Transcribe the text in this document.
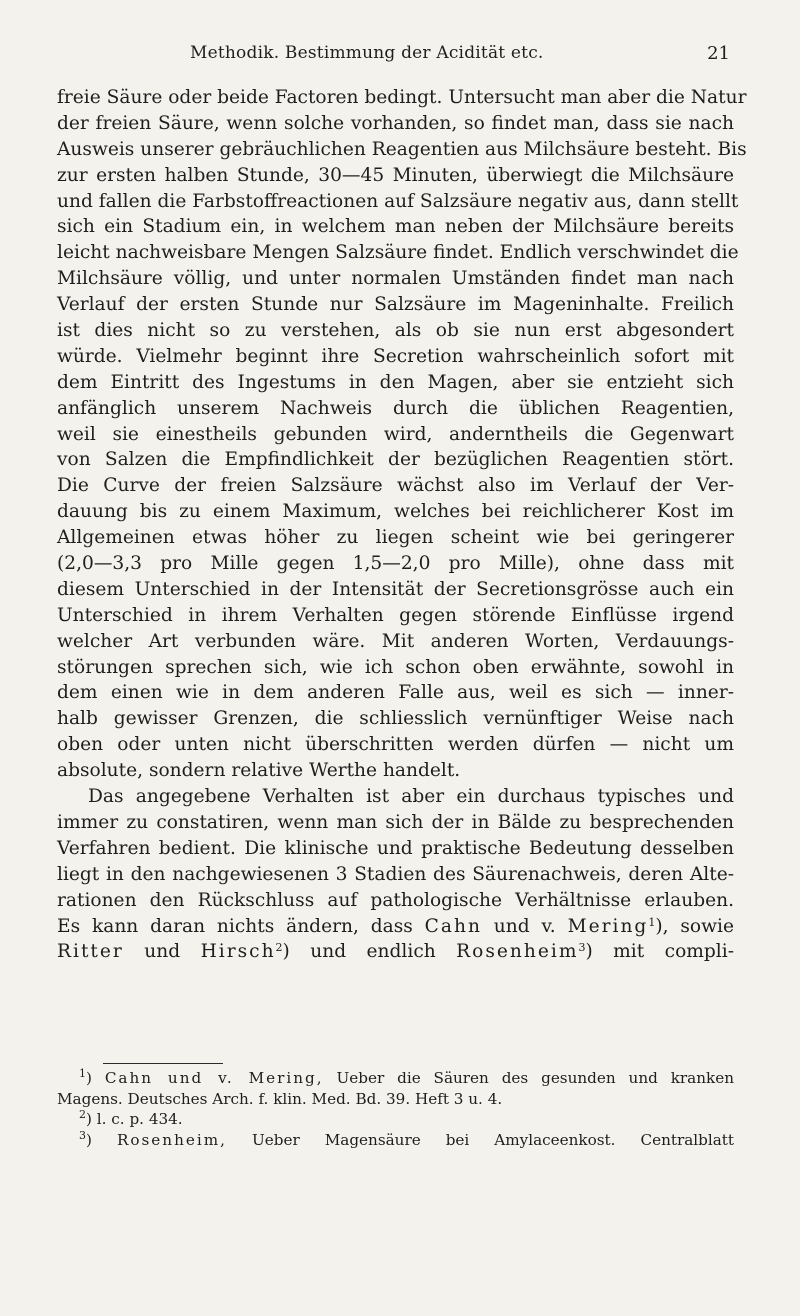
Methodik. Bestimmung der Acidität etc.	21
freie Säure oder beide Factoren bedingt. Untersucht man aber die Natur
der freien Säure, wenn solche vorhanden, so findet man, dass sie nach
Ausweis unserer gebräuchlichen Reagentien aus Milchsäure besteht. Bis
zur ersten halben Stunde, 30—45 Minuten, überwiegt die Milchsäure
und fallen die Farbstoffreactionen auf Salzsäure negativ aus, dann stellt
sich ein Stadium ein, in welchem man neben der Milchsäure bereits
leicht nachweisbare Mengen Salzsäure findet. Endlich verschwindet die
Milchsäure völlig, und unter normalen Umständen findet man nach
Verlauf der ersten Stunde nur Salzsäure im Mageninhalte. Freilich
ist dies nicht so zu verstehen, als ob sie nun erst abgesondert
würde. Vielmehr beginnt ihre Secretion wahrscheinlich sofort mit
dem Eintritt des Ingestums in den Magen, aber sie entzieht sich
anfänglich unserem Nachweis durch die üblichen Reagentien,
weil sie einestheils gebunden wird, anderntheils die Gegenwart
von Salzen die Empfindlichkeit der bezüglichen Reagentien stört.
Die Curve der freien Salzsäure wächst also im Verlauf der Ver-
dauung bis zu einem Maximum, welches bei reichlicherer Kost im
Allgemeinen etwas höher zu liegen scheint wie bei geringerer
(2,0—3,3 pro Mille gegen 1,5—2,0 pro Mille), ohne dass mit
diesem Unterschied in der Intensität der Secretionsgrösse auch ein
Unterschied in ihrem Verhalten gegen störende Einflüsse irgend
welcher Art verbunden wäre. Mit anderen Worten, Verdauungs-
störungen sprechen sich, wie ich schon oben erwähnte, sowohl in
dem einen wie in dem anderen Falle aus, weil es sich — inner-
halb gewisser Grenzen, die schliesslich vernünftiger Weise nach
oben oder unten nicht überschritten werden dürfen — nicht um
absolute, sondern relative Werthe handelt.
Das angegebene Verhalten ist aber ein durchaus typisches und
immer zu constatiren, wenn man sich der in Bälde zu besprechenden
Verfahren bedient. Die klinische und praktische Bedeutung desselben
liegt in den nachgewiesenen 3 Stadien des Säurenachweis, deren Alte-
rationen den Rückschluss auf pathologische Verhältnisse erlauben.
Es kann daran nichts ändern, dass Cahn und v. Mering$^1$), sowie
Ritter und Hirsch$^2$) und endlich Rosenheim$^3$) mit compli-
$^1$) Cahn und v. Mering, Ueber die Säuren des gesunden und kranken
Magens. Deutsches Arch. f. klin. Med. Bd. 39. Heft 3 u. 4.
$^2$) l. c. p. 434.
$^3$) Rosenheim, Ueber Magensäure bei Amylaceenkost. Centralblatt
